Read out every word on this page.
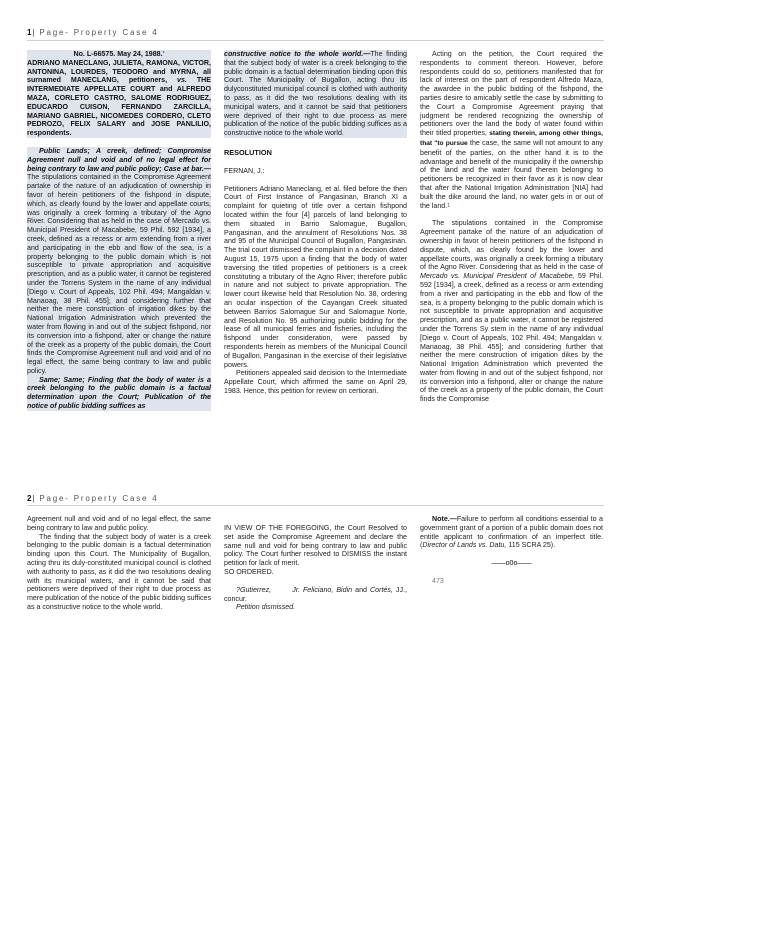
1| Page- Property Case 4

No. L-66575. May 24, 1988.*

ADRIANO MANECLANG, JULIETA, RAMONA, VICTOR, ANTONINA, LOURDES, TEODORO and MYRNA, all surnamed MANECLANG, petitioners, vs. THE INTERMEDIATE APPELLATE COURT and ALFREDO MAZA, CORLETO CASTRO, SALOME RODRIGUEZ, EDUCARDO CUISON, FERNANDO ZARCILLA, MARIANO GABRIEL, NICOMEDES CORDERO, CLETO PEDROZO, FELIX SALARY and JOSE PANLILIO, respondents.

Public Lands; A creek, defined; Compromise Agreement null and void and of no legal effect for being contrary to law and public policy; Case at bar.—The stipulations contained in the Compromise Agreement partake of the nature of an adjudication of ownership in favor of herein petitioners of the fishpond in dispute, which, as clearly found by the lower and appellate courts, was originally a creek forming a tributary of the Agno River. Considering that as held in the case of Mercado vs. Municipal President of Macabebe, 59 Phil. 592 [1934], a creek, defined as a recess or arm extending from a river and participating in the ebb and flow of the sea, is a property belonging to the public domain which is not susceptible to private appropriation and acquisitive prescription, and as a public water, it cannot be registered under the Torrens System in the name of any individual [Diego v. Court of Appeals, 102 Phil. 494; Mangaldan v. Manaoag, 38 Phil. 455]; and considering further that neither the mere construction of irrigation dikes by the National Irrigation Administration which prevented the water from flowing in and out of the subject fishpond, nor its conversion into a fishpond, alter or change the nature of the creek as a property of the public domain, the Court finds the Compromise Agreement null and void and of no legal effect, the same being contrary to law and public policy.

Same; Same; Finding that the body of water is a creek belonging to the public domain is a factual determination upon the Court; Publication of the notice of public bidding suffices as

constructive notice to the whole world.—The finding that the subject body of water is a creek belonging to the public domain is a factual determination binding upon this Court. The Municipality of Bugallon, acting thru its dulyconstituted municipal council is clothed with authority to pass, as it did the two resolutions dealing with its municipal waters, and it cannot be said that petitioners were deprived of their right to due process as mere publication of the notice of the public bidding suffices as a constructive notice to the whole world.

RESOLUTION

FERNAN, J.:

Petitioners Adriano Maneclang, et al. filed before the then Court of First Instance of Pangasinan, Branch XI a complaint for quieting of title over a certain fishpond located within the four [4] parcels of land belonging to them situated in Barrio Salomague, Bugallon, Pangasinan, and the annulment of Resolutions Nos. 38 and 95 of the Municipal Council of Bugallon, Pangasinan. The trial court dismissed the complaint in a decision dated August 15, 1975 upon a finding that the body of water traversing the titled properties of petitioners is a creek constituting a tributary of the Agno River; therefore public in nature and not subject to private appropriation. The lower court likewise held that Resolution No. 38, ordering an ocular inspection of the Cayangan Creek situated between Barrios Salomague Sur and Salomague Norte, and Resolution No. 95 authorizing public bidding for the lease of all municipal ferries and fisheries, including the fishpond under consideration, were passed by respondents herein as members of the Municipal Council of Bugallon, Pangasinan in the exercise of their legislative powers.

Petitioners appealed said decision to the Intermediate Appellate Court, which affirmed the same on April 29, 1983. Hence, this petition for review on certiorari.

Acting on the petition, the Court required the respondents to comment thereon. However, before respondents could do so, petitioners manifested that for lack of interest on the part of respondent Alfredo Maza, the awardee in the public bidding of the fishpond, the parties desire to amicably settle the case by submitting to the Court a Compromise Agreement praying that judgment be rendered recognizing the ownership of petitioners over the land the body of water found within their titled properties, stating therein, among other things, that "to pursue the case, the same will not amount to any benefit of the parties, on the other hand it is to the advantage and benefit of the municipality if the ownership of the land and the water found therein belonging to petitioners be recognized in their favor as it is now clear that after the National Irrigation Administration [NIA] had built the dike around the land, no water gets in or out of the land.$^1$

The stipulations contained in the Compromise Agreement partake of the nature of an adjudication of ownership in favor of herein petitioners of the fishpond in dispute, which, as clearly found by the lower and appellate courts, was originally a creek forming a tributary of the Agno River. Considering that as held in the case of Mercado vs. Municipal President of Macabebe, 59 Phil. 592 [1934], a creek, defined as a recess or arm extending from a river and participating in the ebb and flow of the sea, is a property belonging to the public domain which is not susceptible to private appropriation and acquisitive prescription, and as a public water, it cannot be registered under the Torrens Sy stem in the name of any individual [Diego v. Court of Appeals, 102 Phil. 494; Mangaldan v. Manaoag, 38 Phil. 455]; and considering further that neither the mere construction of irrigation dikes by the National Irrigation Administration which prevented the water from flowing in and out of the subject fishpond, nor its conversion into a fishpond, alter or change the nature of the creek as a property of the public domain, the Court finds the Compromise

2| Page- Property Case 4

Agreement null and void and of no legal effect, the same being contrary to law and public policy.

The finding that the subject body of water is a creek belonging to the public domain is a factual determination binding upon this Court. The Municipality of Bugallon, acting thru its duly-constituted municipal council is clothed with authority to pass, as it did the two resolutions dealing with its municipal waters, and it cannot be said that petitioners were deprived of their right to due process as mere publication of the notice of the public bidding suffices as a constructive notice to the whole world.

IN VIEW OF THE FOREGOING, the Court Resolved to set aside the Compromise Agreement and declare the same null and void for being contrary to law and public policy. The Court further resolved to DISMISS the instant petition for lack of merit.

SO ORDERED.

?Gutierrez,	Jr. Feliciano, Bidin and Cortés, JJ., concur.

Petition dismissed.

Note.—Failure to perform all conditions essential to a government grant of a portion of a public domain does not entitle applicant to confirmation of an imperfect title. (Director of Lands vs. Datu, 115 SCRA 25).

——o0o——

473
